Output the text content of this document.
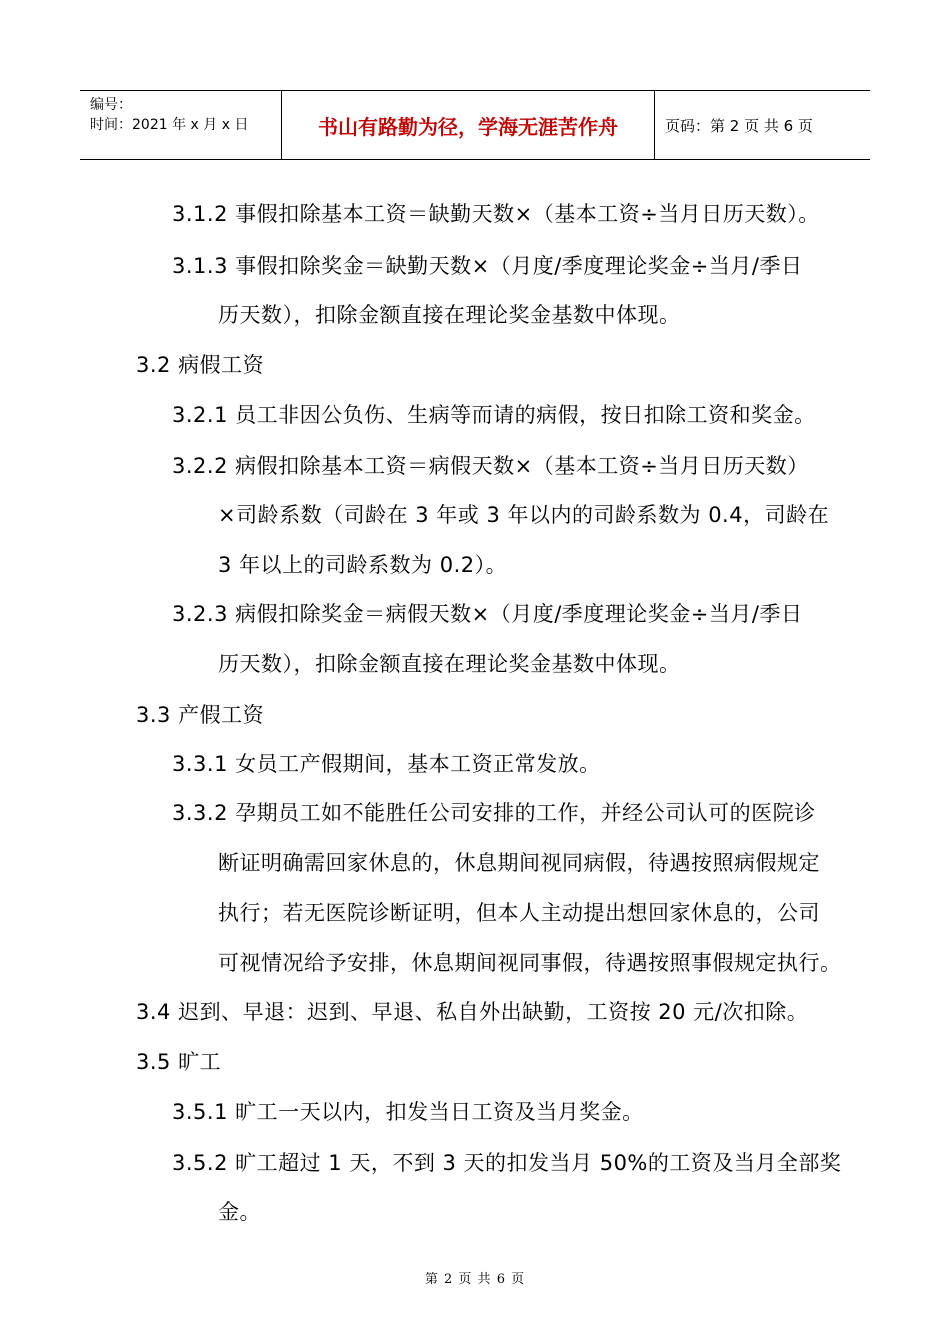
编号：
时间：2021 年 x 月 x 日	书山有路勤为径，学海无涯苦作舟	页码：第 2 页 共 6 页
3.1.2 事假扣除基本工资＝缺勤天数×（基本工资÷当月日历天数）。
3.1.3 事假扣除奖金＝缺勤天数×（月度/季度理论奖金÷当月/季日
历天数），扣除金额直接在理论奖金基数中体现。
3.2 病假工资
3.2.1 员工非因公负伤、生病等而请的病假，按日扣除工资和奖金。
3.2.2 病假扣除基本工资＝病假天数×（基本工资÷当月日历天数）
×司龄系数（司龄在 3 年或 3 年以内的司龄系数为 0.4，司龄在
3 年以上的司龄系数为 0.2）。
3.2.3 病假扣除奖金＝病假天数×（月度/季度理论奖金÷当月/季日
历天数），扣除金额直接在理论奖金基数中体现。
3.3 产假工资
3.3.1 女员工产假期间，基本工资正常发放。
3.3.2 孕期员工如不能胜任公司安排的工作，并经公司认可的医院诊
断证明确需回家休息的，休息期间视同病假，待遇按照病假规定
执行；若无医院诊断证明，但本人主动提出想回家休息的，公司
可视情况给予安排，休息期间视同事假，待遇按照事假规定执行。
3.4 迟到、早退：迟到、早退、私自外出缺勤，工资按 20 元/次扣除。
3.5 旷工
3.5.1 旷工一天以内，扣发当日工资及当月奖金。
3.5.2 旷工超过 1 天，不到 3 天的扣发当月 50%的工资及当月全部奖
金。
第 2 页 共 6 页
